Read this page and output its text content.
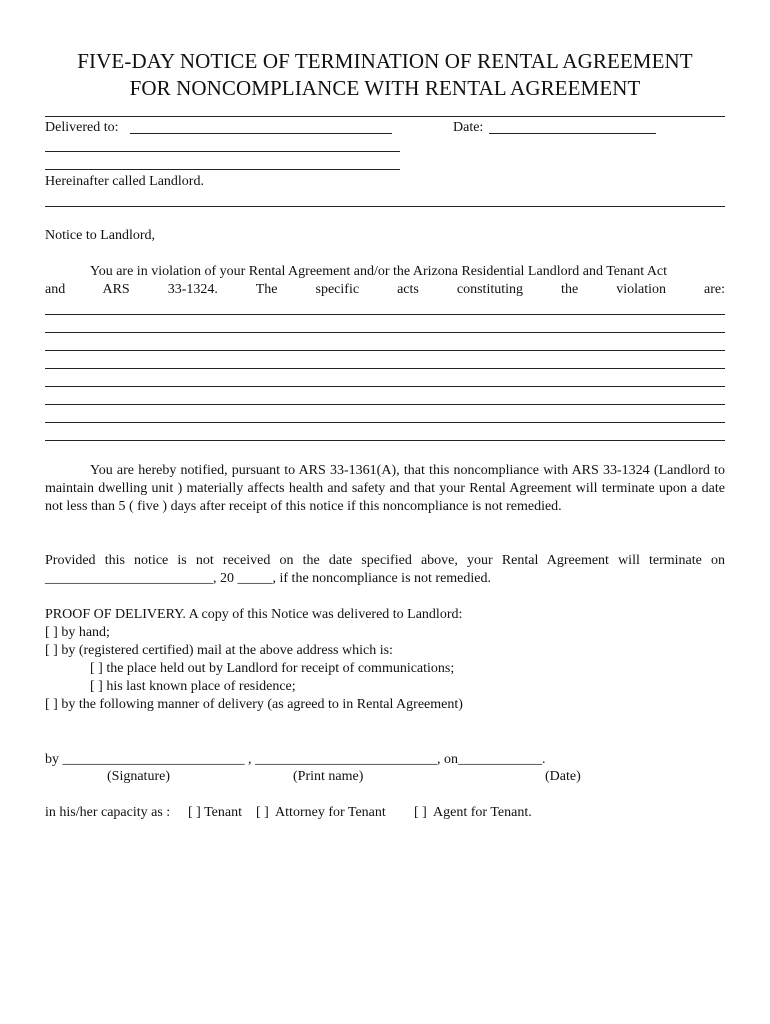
FIVE-DAY NOTICE OF TERMINATION OF RENTAL AGREEMENT
FOR NONCOMPLIANCE WITH RENTAL AGREEMENT
Delivered to:	Date:
Hereinafter called Landlord.
Notice to Landlord,
You are in violation of your Rental Agreement and/or the Arizona Residential Landlord and Tenant Act
and ARS 33-1324. The specific acts constituting the violation are:
You are hereby notified, pursuant to ARS 33-1361(A), that this noncompliance with ARS 33-1324 (Landlord to maintain dwelling unit ) materially affects health and safety and that your Rental Agreement will terminate upon a date not less than 5 ( five ) days after receipt of this notice if this noncompliance is not remedied.
Provided this notice is not received on the date specified above, your Rental Agreement will terminate on
________________________, 20 _____, if the noncompliance is not remedied.
PROOF OF DELIVERY. A copy of this Notice was delivered to Landlord:
[ ] by hand;
[ ] by (registered certified) mail at the above address which is:
[ ] the place held out by Landlord for receipt of communications;
[ ] his last known place of residence;
[ ] by the following manner of delivery (as agreed to in Rental Agreement)
by __________________________ , __________________________, on____________.
(Signature)	(Print name)	(Date)
in his/her capacity as : [ ] Tenant [ ]  Attorney for Tenant [ ]  Agent for Tenant.
